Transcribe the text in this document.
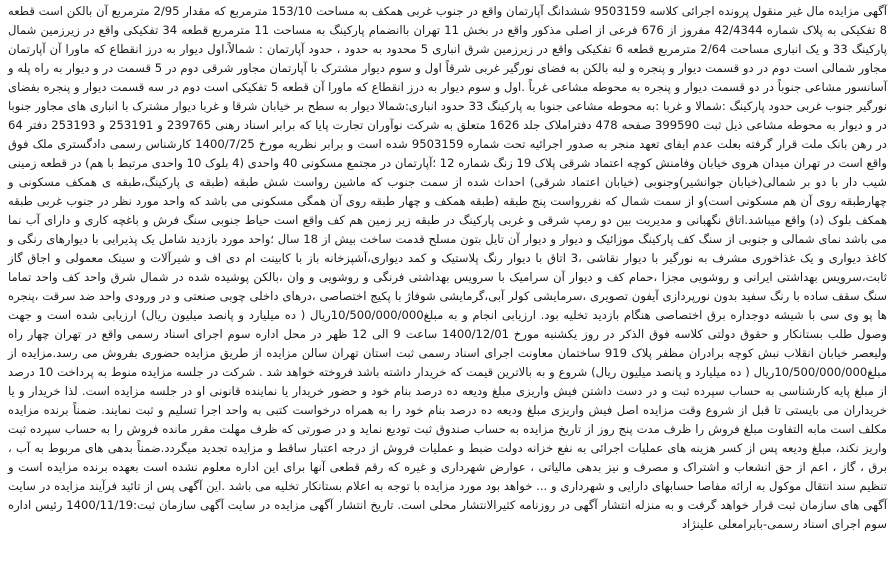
آگهی مزایده مال غیر منقول پرونده اجرائی کلاسه 9503159 ششدانگ آپارتمان واقع در جنوب غربی همکف به مساحت 153/10 مترمربع که مقدار 2/95 مترمربع آن بالکن است قطعه 8 تفکیکی به پلاک شماره 42/4344 مفروز از 676 فرعی از اصلی مذکور واقع در بخش 11 تهران باانضمام پارکینگ به مساحت 11 مترمربع قطعه 34 تفکیکی واقع در زیرزمین شمال پارکینگ 33 و یک انباری مساحت 2/64 مترمربع قطعه 6 تفکیکی واقع در زیرزمین شرق انباری 5 محدود به حدود ، حدود آپارتمان : شمالاً،اول دیوار به درز انقطاع که ماورا آن آپارتمان مجاور شمالی است دوم در دو قسمت دیوار و پنجره و لبه بالکن به فضای نورگیر غربی شرقاً اول و سوم دیوار مشترک با آپارتمان مجاور شرقی دوم در 5 قسمت در و دیوار به راه پله و آسانسور مشاعی جنوباً در دو قسمت دیوار و پنجره به محوطه مشاعی غرباً .اول و سوم دیوار به درز انقطاع که ماورا آن قطعه 5 تفکیکی است دوم در سه قسمت دیوار و پنجره بفضای نورگیر جنوب غربی حدود پارکینگ :شمالا و غربا :به محوطه مشاعی جنوبا به پارکینگ 33 حدود انباری:شمالا دیوار به سطح بر خیابان شرقا و غربا دیوار مشترک با انباری های مجاور جنوبا در و دیوار به محوطه مشاعی ذیل ثبت 399590 صفحه 478 دفتراملاک جلد 1626 متعلق به شرکت نوآوران تجارت پایا که برابر اسناد رهنی 239765 و 253191 و 253193 دفتر 64 در رهن بانک ملت قرار گرفته بعلت عدم ایفای تعهد منجر به صدور اجرائیه تحت شماره 9503159 شده است و برابر نظریه مورخ 1400/7/25 کارشناس رسمی دادگستری ملک فوق واقع است در تهران میدان هروی خیابان وفامنش کوچه اعتماد شرقی پلاک 19 زنگ شماره 12 ؛آپارتمان در مجتمع مسکونی 40 واحدی (4 بلوک 10 واحدی مرتبط با هم) در قطعه زمینی شیب دار با دو بر شمالی(خیابان جوانشیر)وجنوبی (خیابان اعتماد شرقی) احداث شده از سمت جنوب که ماشین رواست شش طبقه (طبقه ی پارکینگ،طبقه ی همکف مسکونی و چهارطبقه روی آن هم مسکونی است)و از سمت شمال که نفررواست پنج طبقه (طبقه همکف و چهار طبقه روی آن همگی مسکونی می باشد که واحد مورد نظر در جنوب غربی طبقه همکف بلوک (د) واقع میباشد.اتاق نگهبانی و مدیریت بین دو رمپ شرقی و غربی پارکینگ در طبقه زیر زمین هم کف واقع است حیاط جنوبی سنگ فرش و باغچه کاری و دارای آب نما می باشد نمای شمالی و جنوبی از سنگ کف پارکینگ موزائیک و دیوار و دیوار آن تایل بتون مسلح قدمت ساخت بیش از 18 سال ؛واحد مورد بازدید شامل یک پذیرایی با دیوارهای رنگی و کاغذ دیواری و یک غذاخوری مشرف به نورگیر با دیوار نقاشی ،3 اتاق با دیوار رنگ پلاستیک و کمد دیواری،آشپزخانه باز با کابینت ام دی اف و شیرآلات و سینک معمولی و اجاق گاز ثابت،سرویس بهداشتی ایرانی و روشویی مجزا ،حمام کف و دیوار آن سرامیک با سرویس بهداشتی فرنگی و روشویی و وان ،بالکن پوشیده شده در شمال شرق واحد کف واحد تماما سنگ سقف ساده با رنگ سفید بدون نورپردازی آیفون تصویری ،سرمایشی کولر آبی،گرمایشی شوفاژ با پکیج اختصاصی ،درهای داخلی چوبی صنعتی و در ورودی واحد ضد سرقت ،پنجره ها پو وی سی با شیشه دوجداره برق اختصاصی هنگام بازدید تخلیه بود. ارزیابی انجام و به مبلغ10/500/000/000ریال ( ده میلیارد و پانصد میلیون ریال) ارزیابی شده است و جهت وصول طلب بستانکار و حقوق دولتی کلاسه فوق الذکر در روز یکشنبه مورخ 1400/12/01 ساعت 9 الی 12 ظهر در محل اداره سوم اجرای اسناد رسمی واقع در تهران چهار راه ولیعصر خیابان انقلاب نبش کوچه برادران مظفر پلاک 919 ساختمان معاونت اجرای اسناد رسمی ثبت استان تهران سالن مزایده از طریق مزایده حضوری بفروش می رسد.مزایده از مبلغ10/500/000/000ریال ( ده میلیارد و پانصد میلیون ریال) شروع و به بالاترین قیمت که خریدار داشته باشد فروخته خواهد شد . شرکت در جلسه مزایده منوط به پرداخت 10 درصد از مبلغ پایه کارشناسی به حساب سپرده ثبت و در دست داشتن فیش واریزی مبلغ ودیعه ده درصد بنام خود و حضور خریدار یا نماینده قانونی او در جلسه مزایده است. لذا خریدار و یا خریداران می بایستی تا قبل از شروع وقت مزایده اصل فیش واریزی مبلغ ودیعه ده درصد بنام خود را به همراه درخواست کتبی به واحد اجرا تسلیم و ثبت نمایند. ضمناً برنده مزایده مکلف است مابه التفاوت مبلغ فروش را ظرف مدت پنج روز از تاریخ مزایده به حساب صندوق ثبت تودیع نماید و در صورتی که ظرف مهلت مقرر مانده فروش را به حساب سپرده ثبت واریز نکند، مبلغ ودیعه پس از کسر هزینه های عملیات اجرائی به نفع خزانه دولت ضبط و عملیات فروش از درجه اعتبار ساقط و مزایده تجدید میگردد.ضمناً بدهی های مربوط به آب ، برق ، گاز ، اعم از حق انشعاب و اشتراک و مصرف و نیز بدهی مالیاتی ، عوارض شهرداری و غیره که رقم قطعی آنها برای این اداره معلوم نشده است بعهده برنده مزایده است و تنظیم سند انتقال موکول به ارائه مفاصا حسابهای دارایی و شهرداری و ... خواهد بود مورد مزایده با توجه به اعلام بستانکار تخلیه می باشد .این آگهی پس از تائید فرآیند مزایده در سایت آگهی های سازمان ثبت قرار خواهد گرفت و به منزله انتشار آگهی در روزنامه کثیرالانتشار محلی است. تاریخ انتشار آگهی مزایده در سایت آگهی سازمان ثبت:1400/11/19 رئیس اداره سوم اجرای اسناد رسمی-بابرامعلی علینژاد
